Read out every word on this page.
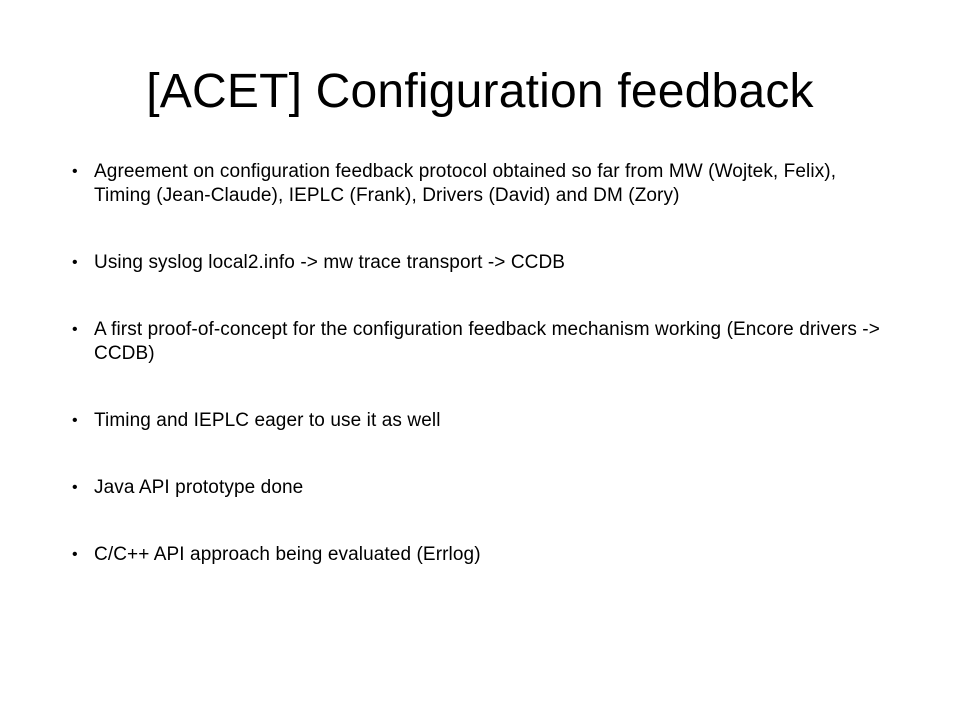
[ACET] Configuration feedback
• Agreement on configuration feedback protocol obtained so far from MW (Wojtek, Felix), Timing (Jean-Claude), IEPLC (Frank), Drivers (David) and DM (Zory)
• Using syslog local2.info -> mw trace transport -> CCDB
• A first proof-of-concept for the configuration feedback mechanism working (Encore drivers -> CCDB)
• Timing and IEPLC eager to use it as well
• Java API prototype done
• C/C++ API approach being evaluated (Errlog)
